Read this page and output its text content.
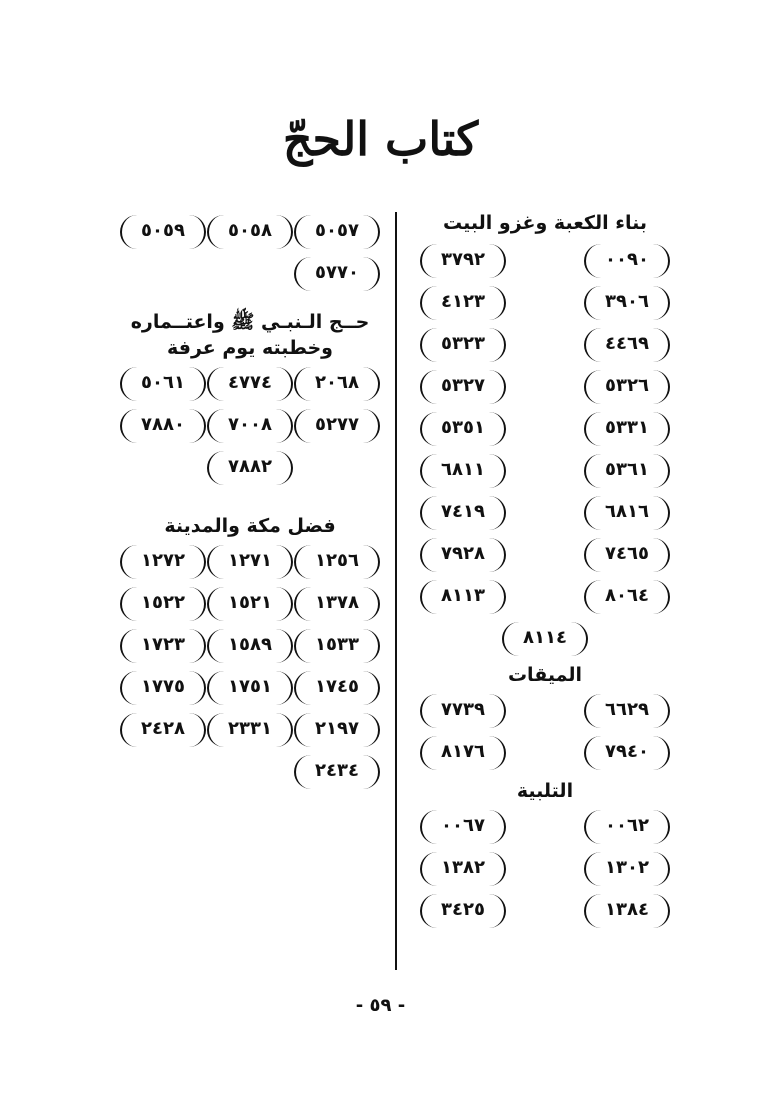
كتاب الحجّ
بناء الكعبة وغزو البيت
٠٠٩٠
٣٧٩٢
٣٩٠٦
٤١٢٣
٤٤٦٩
٥٣٢٣
٥٣٢٦
٥٣٢٧
٥٣٣١
٥٣٥١
٥٣٦١
٦٨١١
٦٨١٦
٧٤١٩
٧٤٦٥
٧٩٢٨
٨٠٦٤
٨١١٣
٨١١٤
الميقات
٦٦٢٩
٧٧٣٩
٧٩٤٠
٨١٧٦
التلبية
٠٠٦٢
٠٠٦٧
١٣٠٢
١٣٨٢
١٣٨٤
٣٤٢٥
٥٠٥٧
٥٠٥٨
٥٠٥٩
٥٧٧٠
حــج الـنبـي ﷺ واعتــماره
وخطبته يوم عرفة
٢٠٦٨
٤٧٧٤
٥٠٦١
٥٢٧٧
٧٠٠٨
٧٨٨٠
٧٨٨٢
فضل مكة والمدينة
١٢٥٦
١٢٧١
١٢٧٢
١٣٧٨
١٥٢١
١٥٢٢
١٥٣٣
١٥٨٩
١٧٢٣
١٧٤٥
١٧٥١
١٧٧٥
٢١٩٧
٢٣٣١
٢٤٢٨
٢٤٣٤
- ٥٩ -
